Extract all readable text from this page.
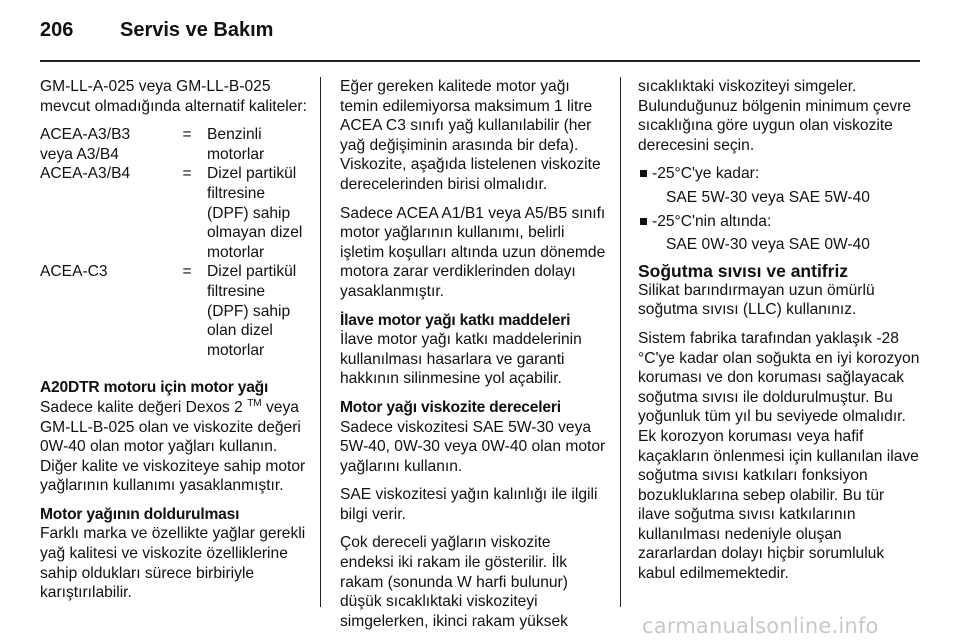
206 Servis ve Bakım

GM-LL-A-025 veya GM-LL-B-025 mevcut olmadığında alternatif kaliteler:

ACEA-A3/B3 veya A3/B4	=	Benzinli motorlar
ACEA-A3/B4	=	Dizel partikül filtresine (DPF) sahip olmayan dizel motorlar
ACEA-C3	=	Dizel partikül filtresine (DPF) sahip olan dizel motorlar
A20DTR motoru için motor yağı

Sadece kalite değeri Dexos 2 ™ veya GM-LL-B-025 olan ve viskozite değeri 0W-40 olan motor yağları kullanın. Diğer kalite ve viskoziteye sahip motor yağlarının kullanımı yasaklanmıştır.

Motor yağının doldurulması

Farklı marka ve özellikte yağlar gerekli yağ kalitesi ve viskozite özelliklerine sahip oldukları sürece birbiriyle karıştırılabilir.

Eğer gereken kalitede motor yağı temin edilemiyorsa maksimum 1 litre ACEA C3 sınıfı yağ kullanılabilir (her yağ değişiminin arasında bir defa). Viskozite, aşağıda listelenen viskozite derecelerinden birisi olmalıdır.

Sadece ACEA A1/B1 veya A5/B5 sınıfı motor yağlarının kullanımı, belirli işletim koşulları altında uzun dönemde motora zarar verdiklerinden dolayı yasaklanmıştır.

İlave motor yağı katkı maddeleri

İlave motor yağı katkı maddelerinin kullanılması hasarlara ve garanti hakkının silinmesine yol açabilir.

Motor yağı viskozite dereceleri

Sadece viskozitesi SAE 5W-30 veya 5W-40, 0W-30 veya 0W-40 olan motor yağlarını kullanın.

SAE viskozitesi yağın kalınlığı ile ilgili bilgi verir.

Çok dereceli yağların viskozite endeksi iki rakam ile gösterilir. İlk rakam (sonunda W harfi bulunur) düşük sıcaklıktaki viskoziteyi simgelerken, ikinci rakam yüksek

sıcaklıktaki viskoziteyi simgeler. Bulunduğunuz bölgenin minimum çevre sıcaklığına göre uygun olan viskozite derecesini seçin.

-25°C'ye kadar:
SAE 5W-30 veya SAE 5W-40
-25°C'nin altında:
SAE 0W-30 veya SAE 0W-40
Soğutma sıvısı ve antifriz

Silikat barındırmayan uzun ömürlü soğutma sıvısı (LLC) kullanınız.

Sistem fabrika tarafından yaklaşık -28 °C'ye kadar olan soğukta en iyi korozyon koruması ve don koruması sağlayacak soğutma sıvısı ile doldurulmuştur. Bu yoğunluk tüm yıl bu seviyede olmalıdır. Ek korozyon koruması veya hafif kaçakların önlenmesi için kullanılan ilave soğutma sıvısı katkıları fonksiyon bozukluklarına sebep olabilir. Bu tür ilave soğutma sıvısı katkılarının kullanılması nedeniyle oluşan zararlardan dolayı hiçbir sorumluluk kabul edilmemektedir.

carmanualsonline.info
